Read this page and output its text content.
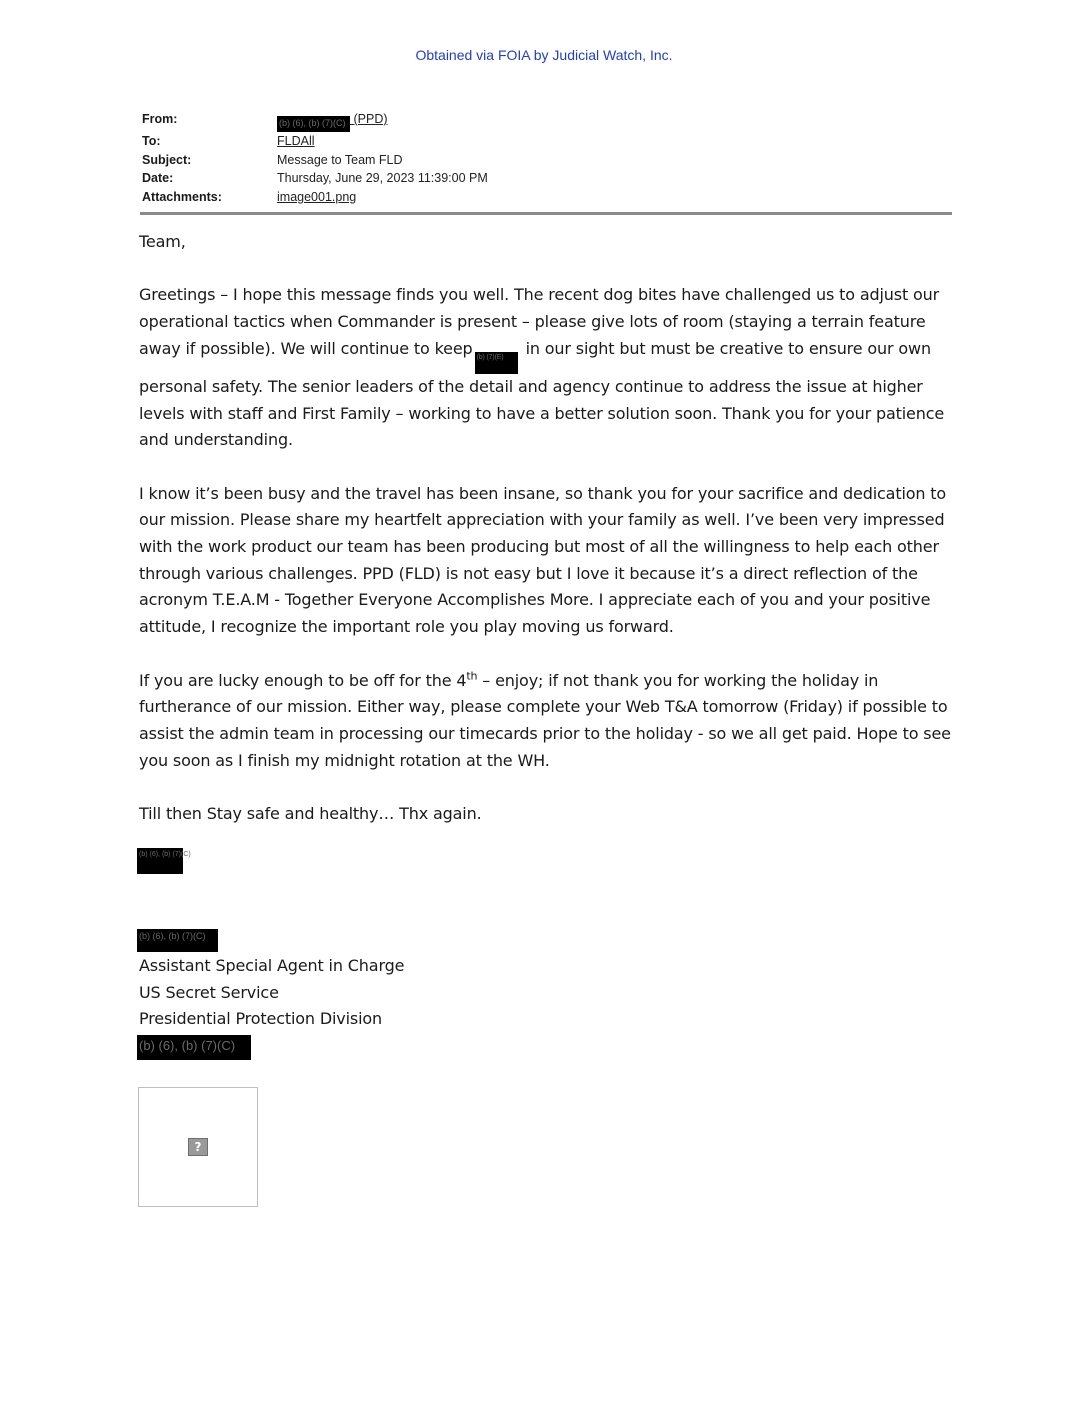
Obtained via FOIA by Judicial Watch, Inc.
From:	(b) (6), (b) (7)(C) (PPD)
To:	FLDAll
Subject:	Message to Team FLD
Date:	Thursday, June 29, 2023 11:39:00 PM
Attachments:	image001.png

Team,

Greetings – I hope this message finds you well. The recent dog bites have challenged us to adjust our operational tactics when Commander is present – please give lots of room (staying a terrain feature away if possible). We will continue to keep (b) (7)(E) in our sight but must be creative to ensure our own personal safety. The senior leaders of the detail and agency continue to address the issue at higher levels with staff and First Family – working to have a better solution soon. Thank you for your patience and understanding.

I know it’s been busy and the travel has been insane, so thank you for your sacrifice and dedication to our mission. Please share my heartfelt appreciation with your family as well. I’ve been very impressed with the work product our team has been producing but most of all the willingness to help each other through various challenges. PPD (FLD) is not easy but I love it because it’s a direct reflection of the acronym T.E.A.M - Together Everyone Accomplishes More. I appreciate each of you and your positive attitude, I recognize the important role you play moving us forward.

If you are lucky enough to be off for the 4th – enjoy; if not thank you for working the holiday in furtherance of our mission. Either way, please complete your Web T&A tomorrow (Friday) if possible to assist the admin team in processing our timecards prior to the holiday - so we all get paid. Hope to see you soon as I finish my midnight rotation at the WH.

Till then Stay safe and healthy… Thx again.

(b) (6), (b) (7)(C)
(b) (6), (b) (7)(C)
Assistant Special Agent in Charge
US Secret Service
Presidential Protection Division
(b) (6), (b) (7)(C)
?
